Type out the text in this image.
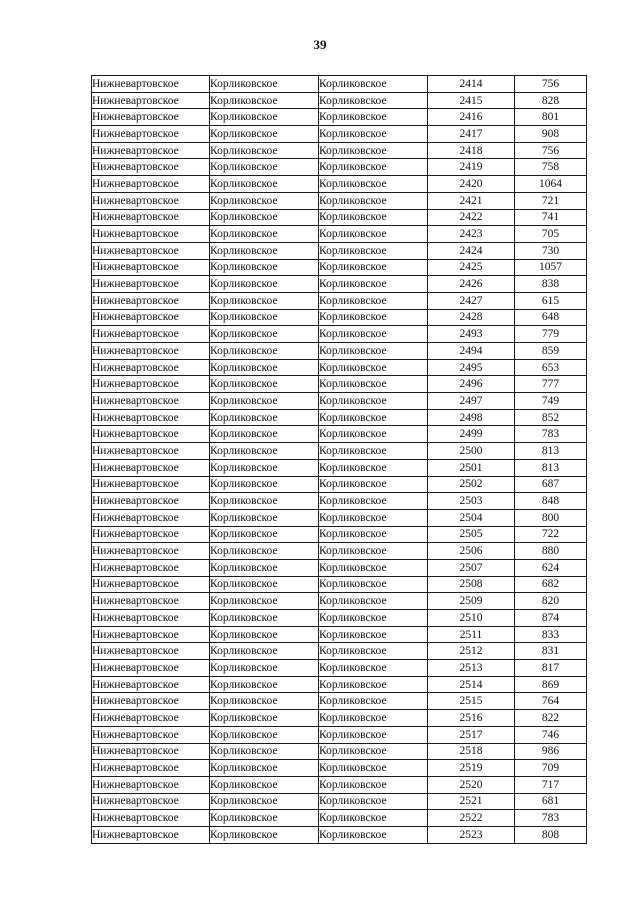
39
Нижневартовское	Корликовское	Корликовское	2414	756
Нижневартовское	Корликовское	Корликовское	2415	828
Нижневартовское	Корликовское	Корликовское	2416	801
Нижневартовское	Корликовское	Корликовское	2417	908
Нижневартовское	Корликовское	Корликовское	2418	756
Нижневартовское	Корликовское	Корликовское	2419	758
Нижневартовское	Корликовское	Корликовское	2420	1064
Нижневартовское	Корликовское	Корликовское	2421	721
Нижневартовское	Корликовское	Корликовское	2422	741
Нижневартовское	Корликовское	Корликовское	2423	705
Нижневартовское	Корликовское	Корликовское	2424	730
Нижневартовское	Корликовское	Корликовское	2425	1057
Нижневартовское	Корликовское	Корликовское	2426	838
Нижневартовское	Корликовское	Корликовское	2427	615
Нижневартовское	Корликовское	Корликовское	2428	648
Нижневартовское	Корликовское	Корликовское	2493	779
Нижневартовское	Корликовское	Корликовское	2494	859
Нижневартовское	Корликовское	Корликовское	2495	653
Нижневартовское	Корликовское	Корликовское	2496	777
Нижневартовское	Корликовское	Корликовское	2497	749
Нижневартовское	Корликовское	Корликовское	2498	852
Нижневартовское	Корликовское	Корликовское	2499	783
Нижневартовское	Корликовское	Корликовское	2500	813
Нижневартовское	Корликовское	Корликовское	2501	813
Нижневартовское	Корликовское	Корликовское	2502	687
Нижневартовское	Корликовское	Корликовское	2503	848
Нижневартовское	Корликовское	Корликовское	2504	800
Нижневартовское	Корликовское	Корликовское	2505	722
Нижневартовское	Корликовское	Корликовское	2506	880
Нижневартовское	Корликовское	Корликовское	2507	624
Нижневартовское	Корликовское	Корликовское	2508	682
Нижневартовское	Корликовское	Корликовское	2509	820
Нижневартовское	Корликовское	Корликовское	2510	874
Нижневартовское	Корликовское	Корликовское	2511	833
Нижневартовское	Корликовское	Корликовское	2512	831
Нижневартовское	Корликовское	Корликовское	2513	817
Нижневартовское	Корликовское	Корликовское	2514	869
Нижневартовское	Корликовское	Корликовское	2515	764
Нижневартовское	Корликовское	Корликовское	2516	822
Нижневартовское	Корликовское	Корликовское	2517	746
Нижневартовское	Корликовское	Корликовское	2518	986
Нижневартовское	Корликовское	Корликовское	2519	709
Нижневартовское	Корликовское	Корликовское	2520	717
Нижневартовское	Корликовское	Корликовское	2521	681
Нижневартовское	Корликовское	Корликовское	2522	783
Нижневартовское	Корликовское	Корликовское	2523	808
